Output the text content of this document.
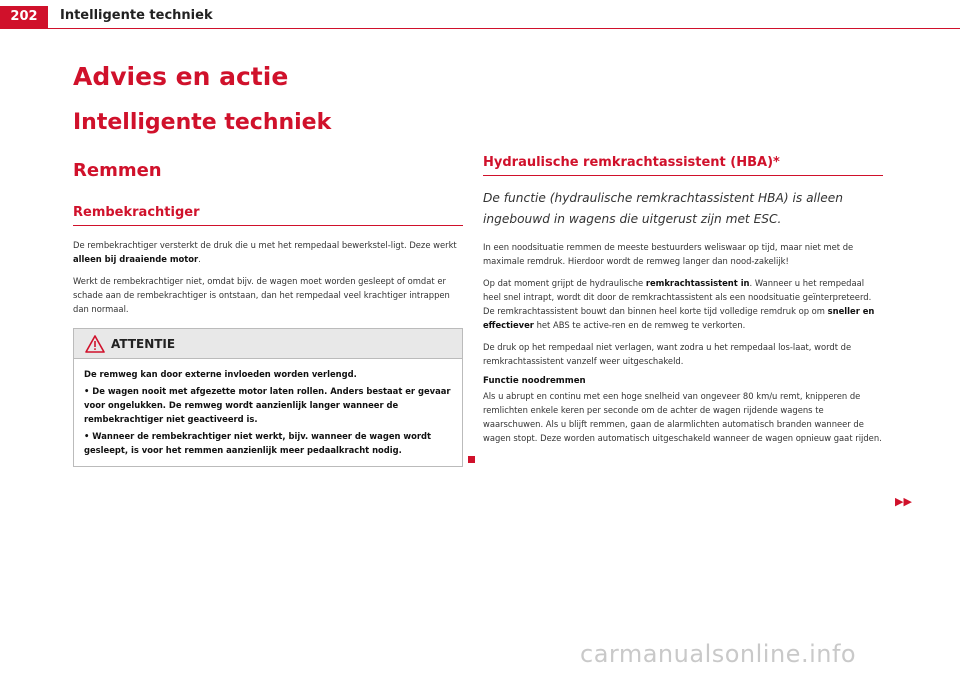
202	Intelligente techniek
Advies en actie
Intelligente techniek
Remmen
Rembekrachtiger

De rembekrachtiger versterkt de druk die u met het rempedaal bewerkstel-ligt. Deze werkt alleen bij draaiende motor.

Werkt de rembekrachtiger niet, omdat bijv. de wagen moet worden gesleept of omdat er schade aan de rembekrachtiger is ontstaan, dan het rempedaal veel krachtiger intrappen dan normaal.

ATTENTIE

De remweg kan door externe invloeden worden verlengd.

• De wagen nooit met afgezette motor laten rollen. Anders bestaat er gevaar voor ongelukken. De remweg wordt aanzienlijk langer wanneer de rembekrachtiger niet geactiveerd is.

• Wanneer de rembekrachtiger niet werkt, bijv. wanneer de wagen wordt gesleept, is voor het remmen aanzienlijk meer pedaalkracht nodig.

Hydraulische remkrachtassistent (HBA)*
De functie (hydraulische remkrachtassistent HBA) is alleen ingebouwd in wagens die uitgerust zijn met ESC.

In een noodsituatie remmen de meeste bestuurders weliswaar op tijd, maar niet met de maximale remdruk. Hierdoor wordt de remweg langer dan nood-zakelijk!

Op dat moment grijpt de hydraulische remkrachtassistent in. Wanneer u het rempedaal heel snel intrapt, wordt dit door de remkrachtassistent als een noodsituatie geïnterpreteerd. De remkrachtassistent bouwt dan binnen heel korte tijd volledige remdruk op om sneller en effectiever het ABS te active-ren en de remweg te verkorten.

De druk op het rempedaal niet verlagen, want zodra u het rempedaal los-laat, wordt de remkrachtassistent vanzelf weer uitgeschakeld.

Functie noodremmen

Als u abrupt en continu met een hoge snelheid van ongeveer 80 km/u remt, knipperen de remlichten enkele keren per seconde om de achter de wagen rijdende wagens te waarschuwen. Als u blijft remmen, gaan de alarmlichten automatisch branden wanneer de wagen stopt. Deze worden automatisch uitgeschakeld wanneer de wagen opnieuw gaat rijden.

▶▶
carmanualsonline.info
